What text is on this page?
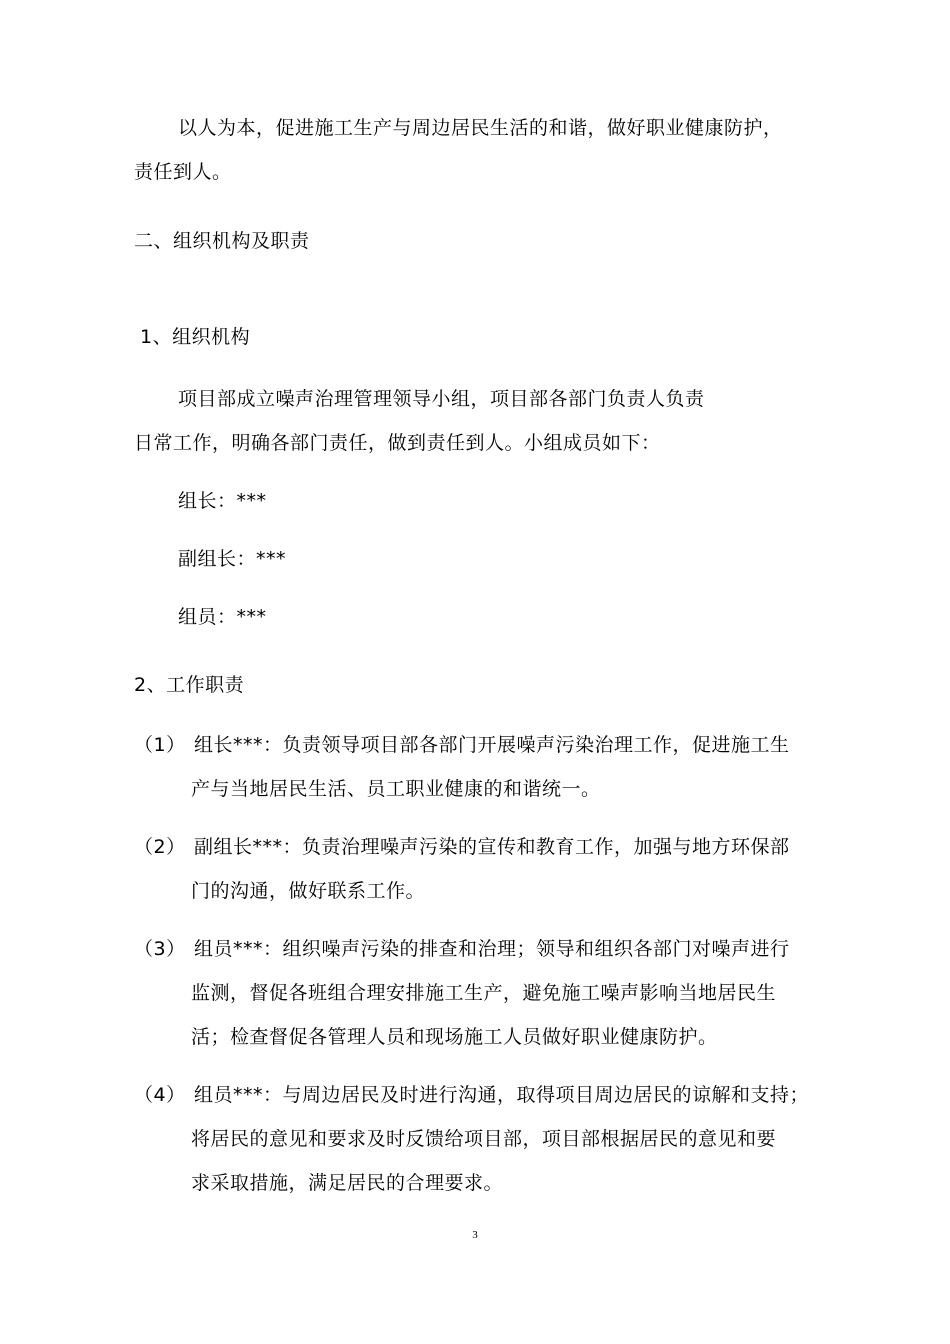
以人为本，促进施工生产与周边居民生活的和谐，做好职业健康防护，
责任到人。
二、组织机构及职责
1、组织机构
项目部成立噪声治理管理领导小组，项目部各部门负责人负责
日常工作，明确各部门责任，做到责任到人。小组成员如下：
组长：***
副组长：***
组员：***
2、工作职责
（1） 组长***：负责领导项目部各部门开展噪声污染治理工作，促进施工生
产与当地居民生活、员工职业健康的和谐统一。
（2） 副组长***：负责治理噪声污染的宣传和教育工作，加强与地方环保部
门的沟通，做好联系工作。
（3） 组员***：组织噪声污染的排查和治理；领导和组织各部门对噪声进行
监测，督促各班组合理安排施工生产，避免施工噪声影响当地居民生
活；检查督促各管理人员和现场施工人员做好职业健康防护。
（4） 组员***：与周边居民及时进行沟通，取得项目周边居民的谅解和支持；
将居民的意见和要求及时反馈给项目部，项目部根据居民的意见和要
求采取措施，满足居民的合理要求。
3
